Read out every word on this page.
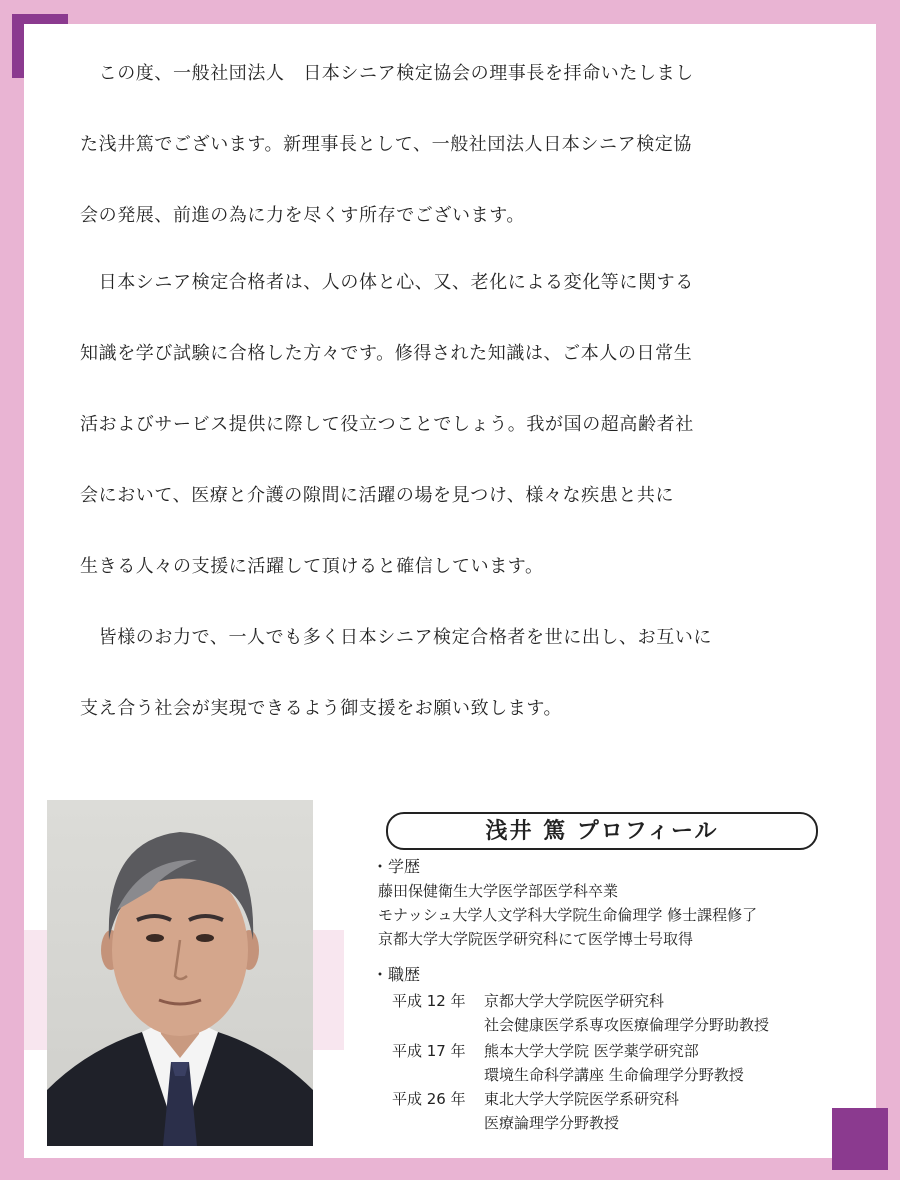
　この度、一般社団法人　日本シニア検定協会の理事長を拝命いたしまし
た浅井篤でございます。新理事長として、一般社団法人日本シニア検定協
会の発展、前進の為に力を尽くす所存でございます。

　日本シニア検定合格者は、人の体と心、又、老化による変化等に関する
知識を学び試験に合格した方々です。修得された知識は、ご本人の日常生
活およびサービス提供に際して役立つことでしょう。我が国の超高齢者社
会において、医療と介護の隙間に活躍の場を見つけ、様々な疾患と共に
生きる人々の支援に活躍して頂けると確信しています。

　皆様のお力で、一人でも多く日本シニア検定合格者を世に出し、お互いに
支え合う社会が実現できるよう御支援をお願い致します。

浅井 篤 プロフィール
・学歴
藤田保健衛生大学医学部医学科卒業
モナッシュ大学人文学科大学院生命倫理学 修士課程修了
京都大学大学院医学研究科にて医学博士号取得
・職歴
平成 12 年 京都大学大学院医学研究科
社会健康医学系専攻医療倫理学分野助教授
平成 17 年 熊本大学大学院 医学薬学研究部
環境生命科学講座 生命倫理学分野教授
平成 26 年 東北大学大学院医学系研究科
医療論理学分野教授
